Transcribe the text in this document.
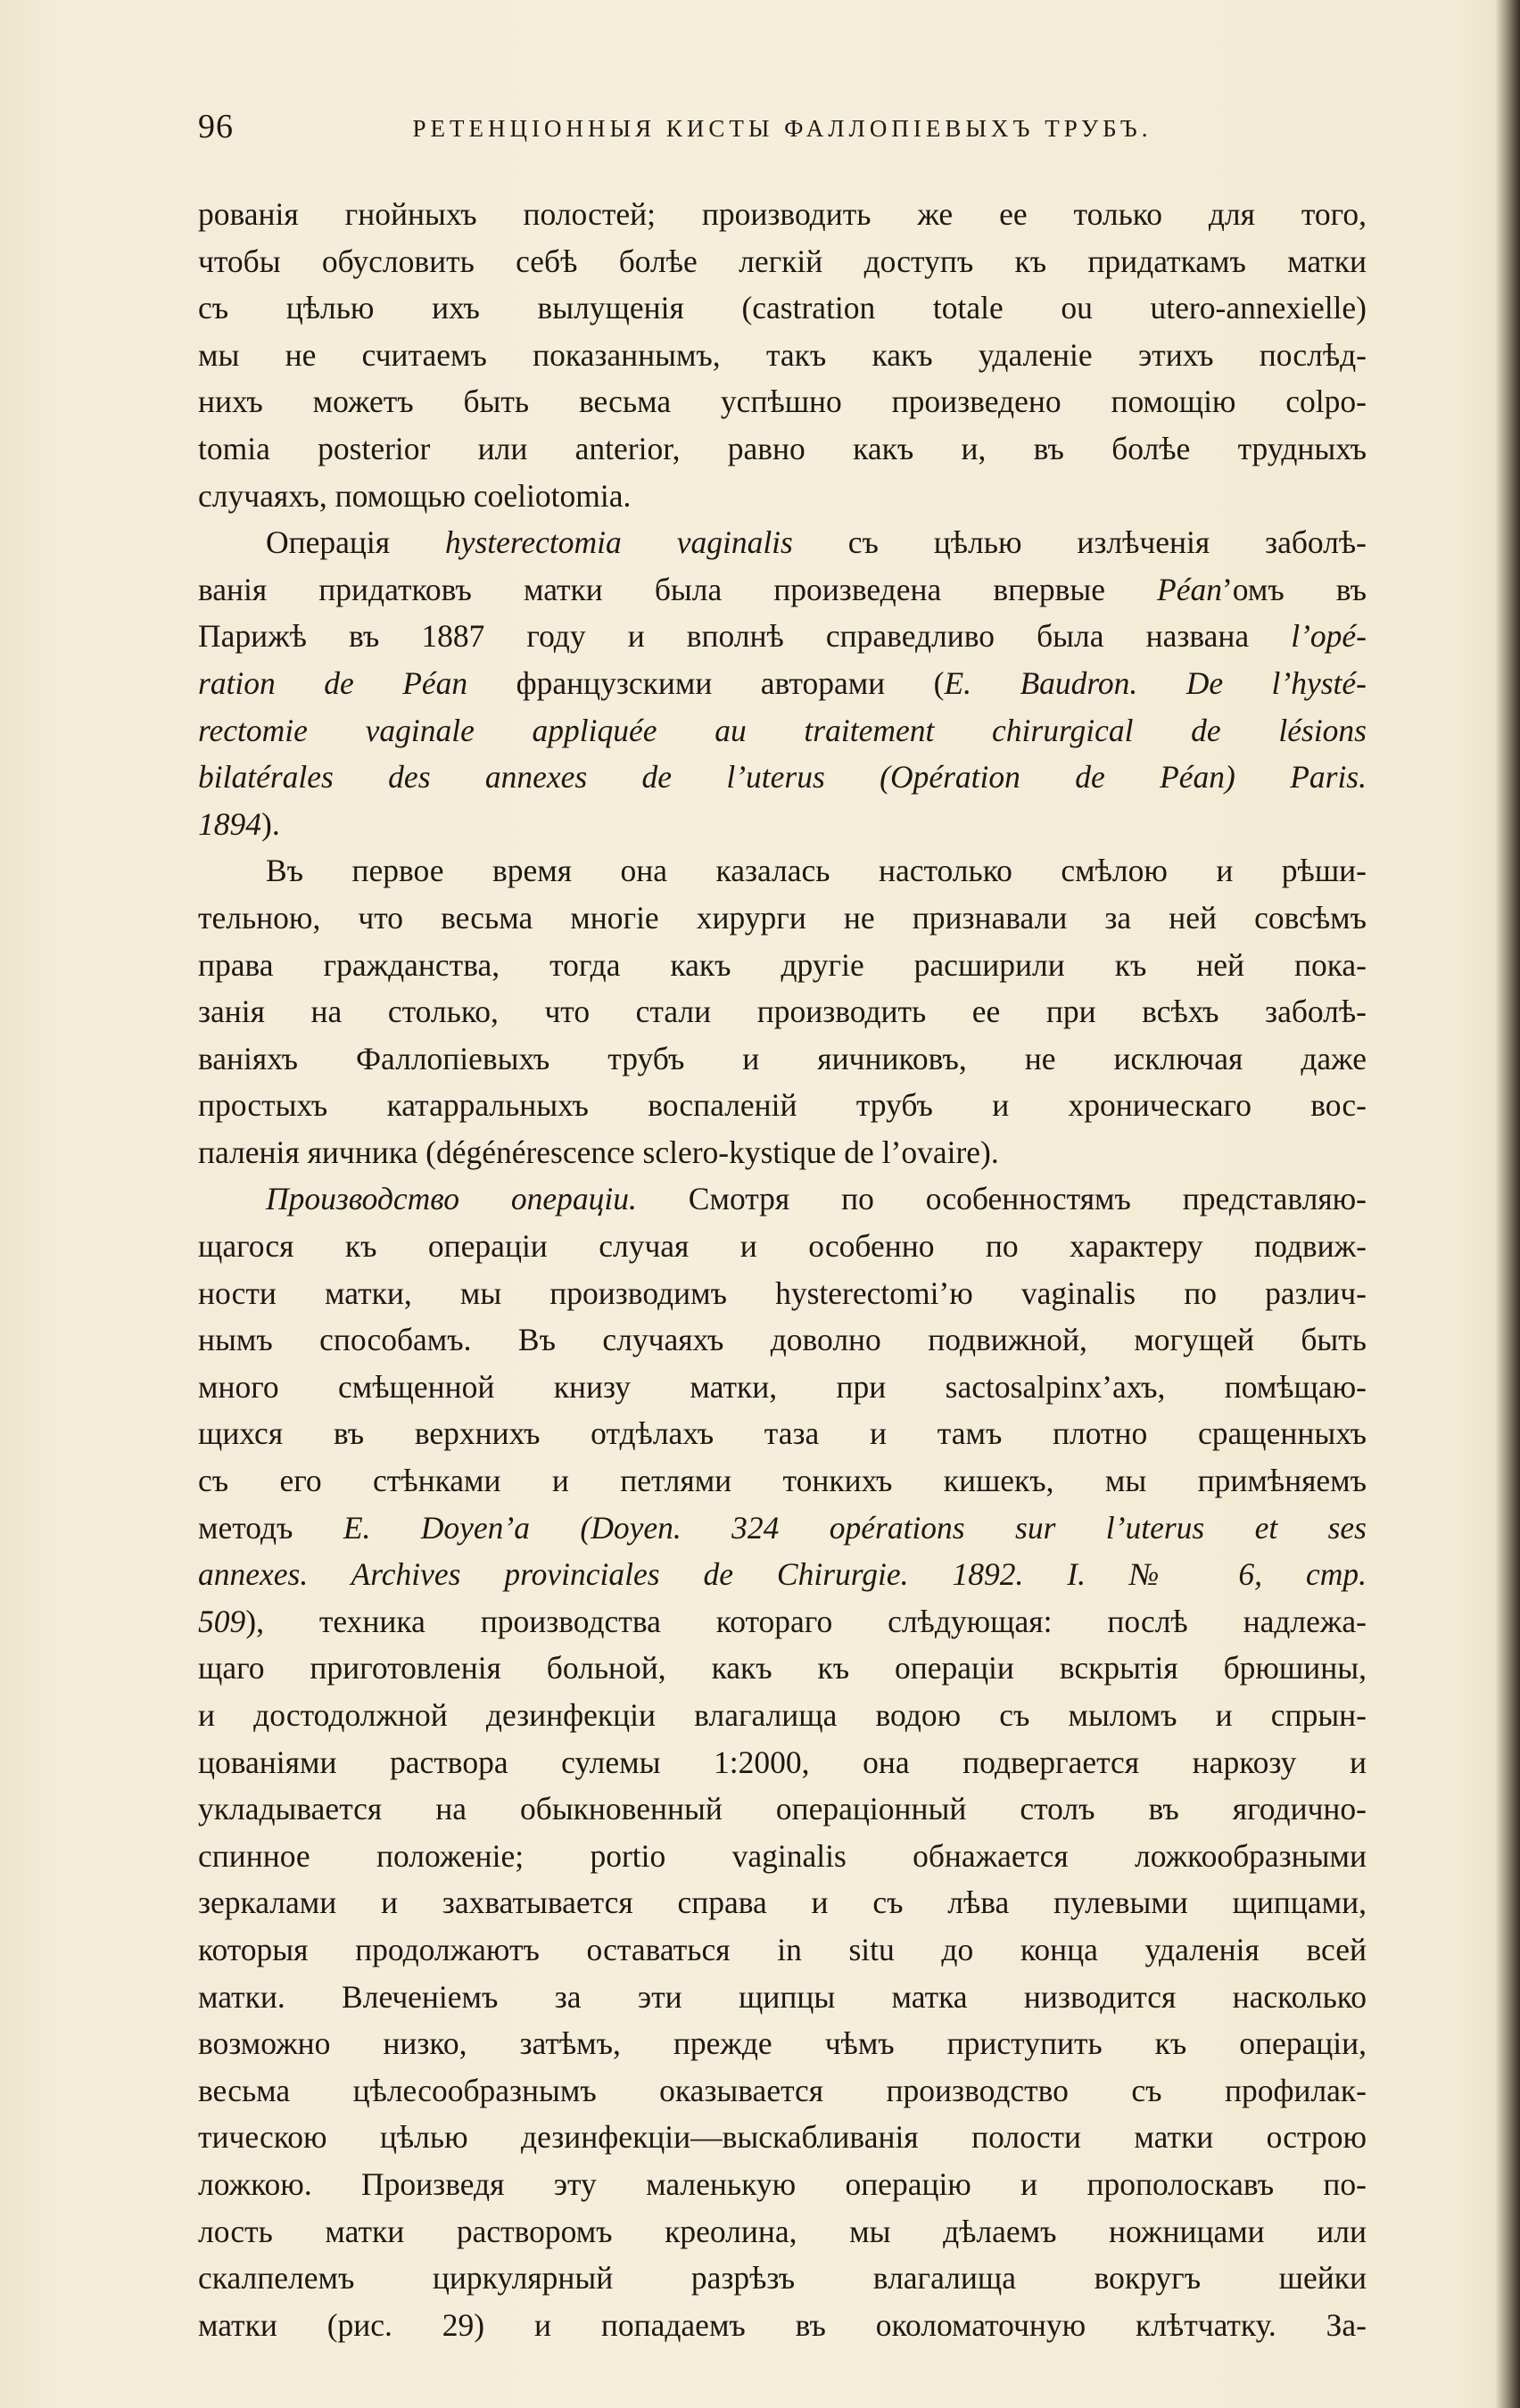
96	РЕТЕНЦІОННЫЯ КИСТЫ ФАЛЛОПІЕВЫХЪ ТРУБЪ.
рованія гнойныхъ полостей; производить же ее только для того,
чтобы обусловить себѣ болѣе легкій доступъ къ придаткамъ матки
съ цѣлью ихъ вылущенія (castration totale ou utero-annexielle)
мы не считаемъ показаннымъ, такъ какъ удаленіе этихъ послѣд-
нихъ можетъ быть весьма успѣшно произведено помощію colpo-
tomia posterior или anterior, равно какъ и, въ болѣе трудныхъ
случаяхъ, помощью coeliotomia.
Операція hysterectomia vaginalis съ цѣлью излѣченія заболѣ-
ванія придатковъ матки была произведена впервые Péan’омъ въ
Парижѣ въ 1887 году и вполнѣ справедливо была названа l’opé-
ration de Péan французскими авторами (E. Baudron. De l’hysté-
rectomie vaginale appliquée au traitement chirurgical de lésions
bilatérales des annexes de l’uterus (Opération de Péan) Paris.
1894).
Въ первое время она казалась настолько смѣлою и рѣши-
тельною, что весьма многіе хирурги не признавали за ней совсѣмъ
права гражданства, тогда какъ другіе расширили къ ней пока-
занія на столько, что стали производить ее при всѣхъ заболѣ-
ваніяхъ Фаллопіевыхъ трубъ и яичниковъ, не исключая даже
простыхъ катарральныхъ воспаленій трубъ и хроническаго вос-
паленія яичника (dégénérescence sclero-kystique de l’ovaire).
Производство операціи. Смотря по особенностямъ представляю-
щагося къ операціи случая и особенно по характеру подвиж-
ности матки, мы производимъ hysterectomi’ю vaginalis по различ-
нымъ способамъ. Въ случаяхъ доволно подвижной, могущей быть
много смѣщенной книзу матки, при sactosalpinx’ахъ, помѣщаю-
щихся въ верхнихъ отдѣлахъ таза и тамъ плотно сращенныхъ
съ его стѣнками и петлями тонкихъ кишекъ, мы примѣняемъ
методъ E. Doyen’a (Doyen. 324 opérations sur l’uterus et ses
annexes. Archives provinciales de Chirurgie. 1892. I. № 6, стр.
509), техника производства котораго слѣдующая: послѣ надлежа-
щаго приготовленія больной, какъ къ операціи вскрытія брюшины,
и достодолжной дезинфекціи влагалища водою съ мыломъ и спрын-
цованіями раствора сулемы 1:2000, она подвергается наркозу и
укладывается на обыкновенный операціонный столъ въ ягодично-
спинное положеніе; portio vaginalis обнажается ложкообразными
зеркалами и захватывается справа и съ лѣва пулевыми щипцами,
которыя продолжаютъ оставаться in situ до конца удаленія всей
матки. Влеченіемъ за эти щипцы матка низводится насколько
возможно низко, затѣмъ, прежде чѣмъ приступить къ операціи,
весьма цѣлесообразнымъ оказывается производство съ профилак-
тическою цѣлью дезинфекціи—выскабливанія полости матки острою
ложкою. Произведя эту маленькую операцію и прополоскавъ по-
лость матки растворомъ креолина, мы дѣлаемъ ножницами или
скалпелемъ циркулярный разрѣзъ влагалища вокругъ шейки
матки (рис. 29) и попадаемъ въ околоматочную клѣтчатку. За-
